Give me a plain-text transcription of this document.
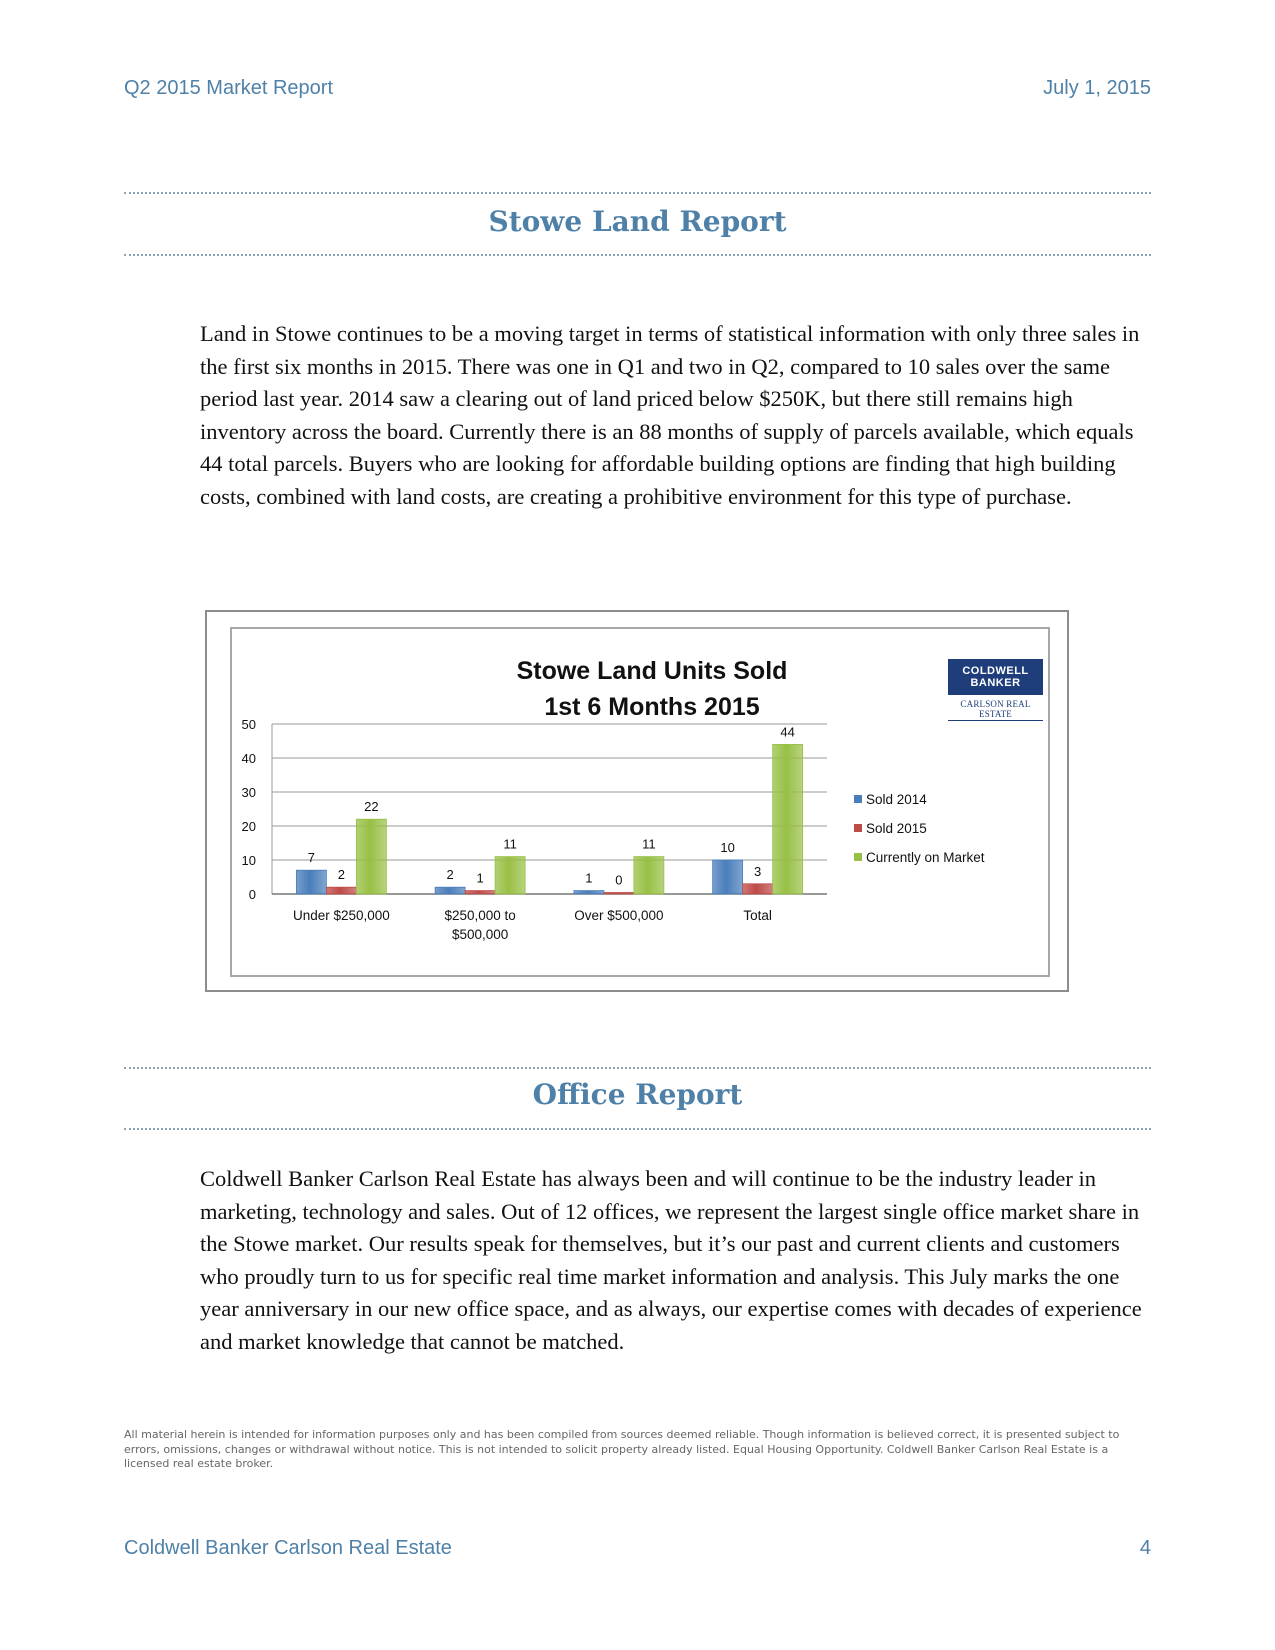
Q2 2015 Market Report	July 1, 2015
Stowe Land Report
Land in Stowe continues to be a moving target in terms of statistical information with only three sales in the first six months in 2015. There was one in Q1 and two in Q2, compared to 10 sales over the same period last year. 2014 saw a clearing out of land priced below $250K, but there still remains high inventory across the board. Currently there is an 88 months of supply of parcels available, which equals 44 total parcels. Buyers who are looking for affordable building options are finding that high building costs, combined with land costs, are creating a prohibitive environment for this type of purchase.
0
10
20
30
40
50
7
2
22
Under $250,000
2 1
11
$250,000 to
$500,000
1 0
11
Over $500,000
10
3
44
Total
Sold 2014
Sold 2015
Currently on Market
Stowe Land Units Sold
1st 6 Months 2015
COLDWELL
BANKER
CARLSON REAL ESTATE
Office Report
Coldwell Banker Carlson Real Estate has always been and will continue to be the industry leader in marketing, technology and sales. Out of 12 offices, we represent the largest single office market share in the Stowe market. Our results speak for themselves, but it’s our past and current clients and customers who proudly turn to us for specific real time market information and analysis. This July marks the one year anniversary in our new office space, and as always, our expertise comes with decades of experience and market knowledge that cannot be matched.
All material herein is intended for information purposes only and has been compiled from sources deemed reliable. Though information is believed correct, it is presented subject to errors, omissions, changes or withdrawal without notice. This is not intended to solicit property already listed. Equal Housing Opportunity. Coldwell Banker Carlson Real Estate is a licensed real estate broker.
Coldwell Banker Carlson Real Estate	4
